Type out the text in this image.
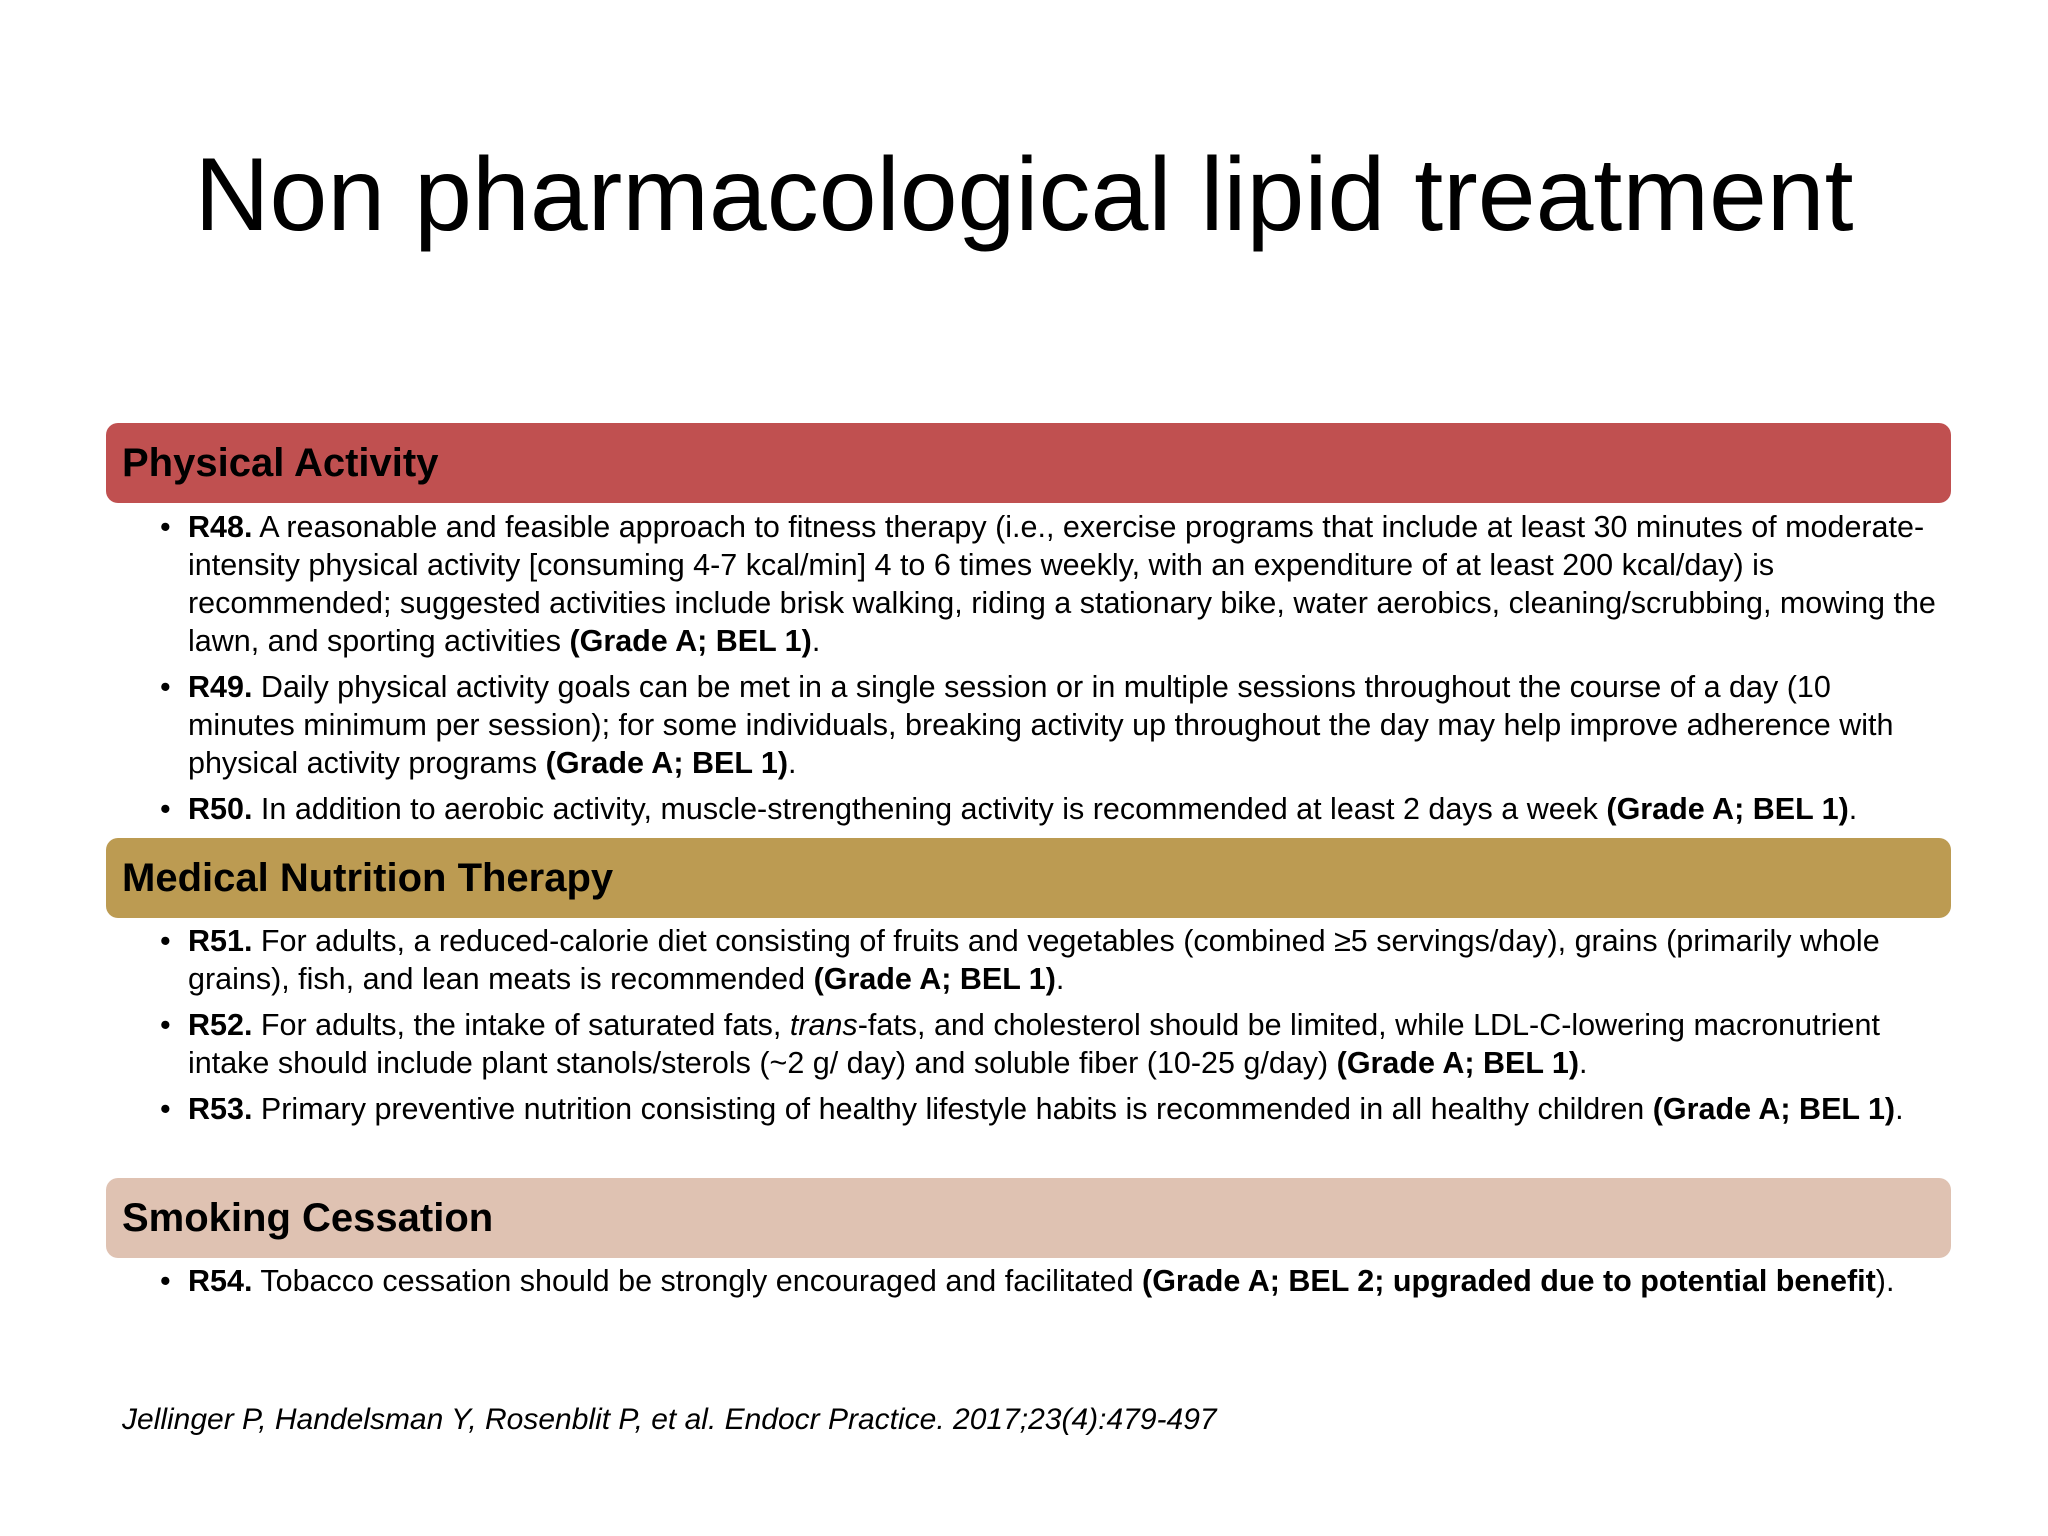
Non pharmacological lipid treatment
Physical Activity
• R48. A reasonable and feasible approach to fitness therapy (i.e., exercise programs that include at least 30 minutes of moderate-intensity physical activity [consuming 4-7 kcal/min] 4 to 6 times weekly, with an expenditure of at least 200 kcal/day) is recommended; suggested activities include brisk walking, riding a stationary bike, water aerobics, cleaning/scrubbing, mowing the lawn, and sporting activities (Grade A; BEL 1).
• R49. Daily physical activity goals can be met in a single session or in multiple sessions throughout the course of a day (10 minutes minimum per session); for some individuals, breaking activity up throughout the day may help improve adherence with physical activity programs (Grade A; BEL 1).
• R50. In addition to aerobic activity, muscle-strengthening activity is recommended at least 2 days a week (Grade A; BEL 1).
Medical Nutrition Therapy
• R51. For adults, a reduced-calorie diet consisting of fruits and vegetables (combined ≥5 servings/day), grains (primarily whole grains), fish, and lean meats is recommended (Grade A; BEL 1).
• R52. For adults, the intake of saturated fats, trans-fats, and cholesterol should be limited, while LDL-C-lowering macronutrient intake should include plant stanols/sterols (~2 g/ day) and soluble fiber (10-25 g/day) (Grade A; BEL 1).
• R53. Primary preventive nutrition consisting of healthy lifestyle habits is recommended in all healthy children (Grade A; BEL 1).
Smoking Cessation
• R54. Tobacco cessation should be strongly encouraged and facilitated (Grade A; BEL 2; upgraded due to potential benefit).
Jellinger P, Handelsman Y, Rosenblit P, et al. Endocr Practice. 2017;23(4):479-497
